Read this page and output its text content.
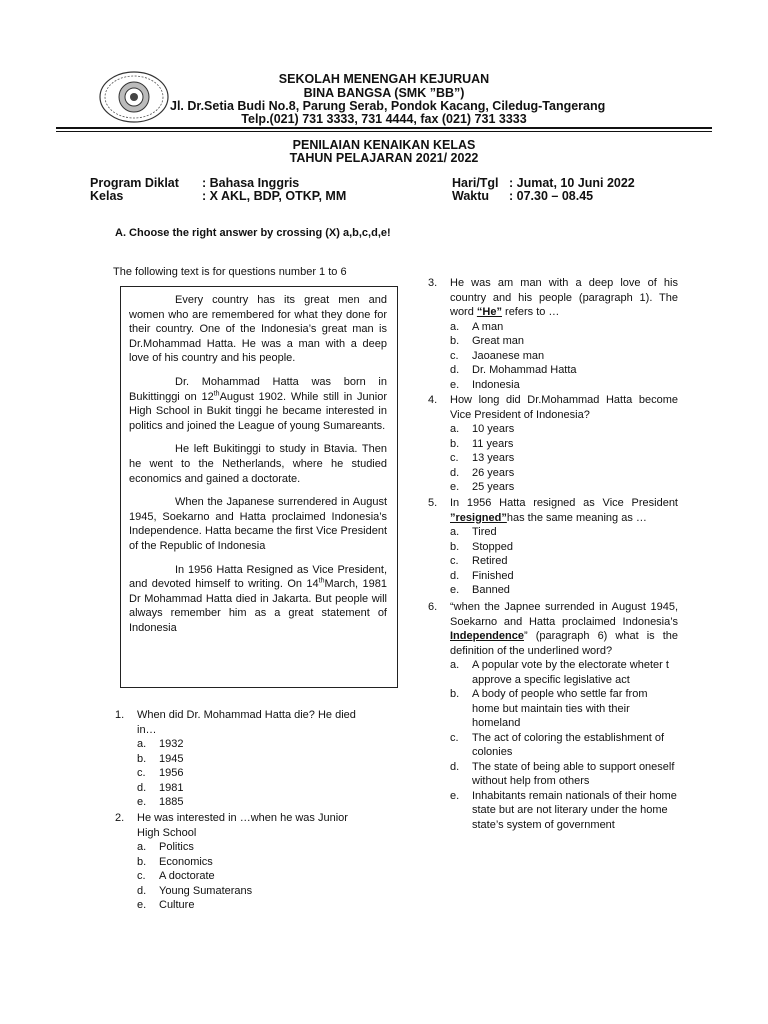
SEKOLAH MENENGAH KEJURUAN
BINA BANGSA (SMK ”BB”)
Jl. Dr.Setia Budi No.8, Parung Serab, Pondok Kacang, Ciledug-Tangerang
Telp.(021) 731 3333, 731 4444, fax (021) 731 3333
PENILAIAN KENAIKAN KELAS
TAHUN PELAJARAN 2021/ 2022
Program Diklat : Bahasa Inggris
Kelas	: X AKL, BDP, OTKP, MM
Hari/Tgl : Jumat, 10 Juni 2022
Waktu : 07.30 – 08.45
A. Choose the right answer by crossing (X) a,b,c,d,e!
The following text is for questions number 1 to 6

Every country has its great men and women who are remembered for what they done for their country. One of the Indonesia’s great man is Dr.Mohammad Hatta. He was a man with a deep love of his country and his people.

Dr. Mohammad Hatta was born in Bukittinggi on 12thAugust 1902. While still in Junior High School in Bukit tinggi he became interested in politics and joined the League of young Sumareants.

He left Bukitinggi to study in Btavia. Then he went to the Netherlands, where he studied economics and gained a doctorate.

When the Japanese surrendered in August 1945, Soekarno and Hatta proclaimed Indonesia’s Independence. Hatta became the first Vice President of the Republic of Indonesia

In 1956 Hatta Resigned as Vice President, and devoted himself to writing. On 14thMarch, 1981 Dr Mohammad Hatta died in Jakarta. But people will always remember him as a great statement of Indonesia

1. When did Dr. Mohammad Hatta die? He died in…
a. 1932
b. 1945
c. 1956
d. 1981
e. 1885
2. He was interested in …when he was Junior High School
a. Politics
b. Economics
c. A doctorate
d. Young Sumaterans
e. Culture
3. He was am man with a deep love of his country and his people (paragraph 1). The word “He” refers to …
a. A man
b. Great man
c. Jaoanese man
d. Dr. Mohammad Hatta
e. Indonesia
4. How long did Dr.Mohammad Hatta become Vice President of Indonesia?
a. 10 years
b. 11 years
c. 13 years
d. 26 years
e. 25 years
5. In 1956 Hatta resigned as Vice President ”resigned”has the same meaning as …
a. Tired
b. Stopped
c. Retired
d. Finished
e. Banned
6. “when the Japnee surrended in August 1945, Soekarno and Hatta proclaimed Indonesia’s Independence” (paragraph 6) what is the definition of the underlined word?
a. A popular vote by the electorate wheter t approve a specific legislative act
b. A body of people who settle far from home but maintain ties with their homeland
c. The act of coloring the establishment of colonies
d. The state of being able to support oneself without help from others
e. Inhabitants remain nationals of their home state but are not literary under the home state’s system of government
